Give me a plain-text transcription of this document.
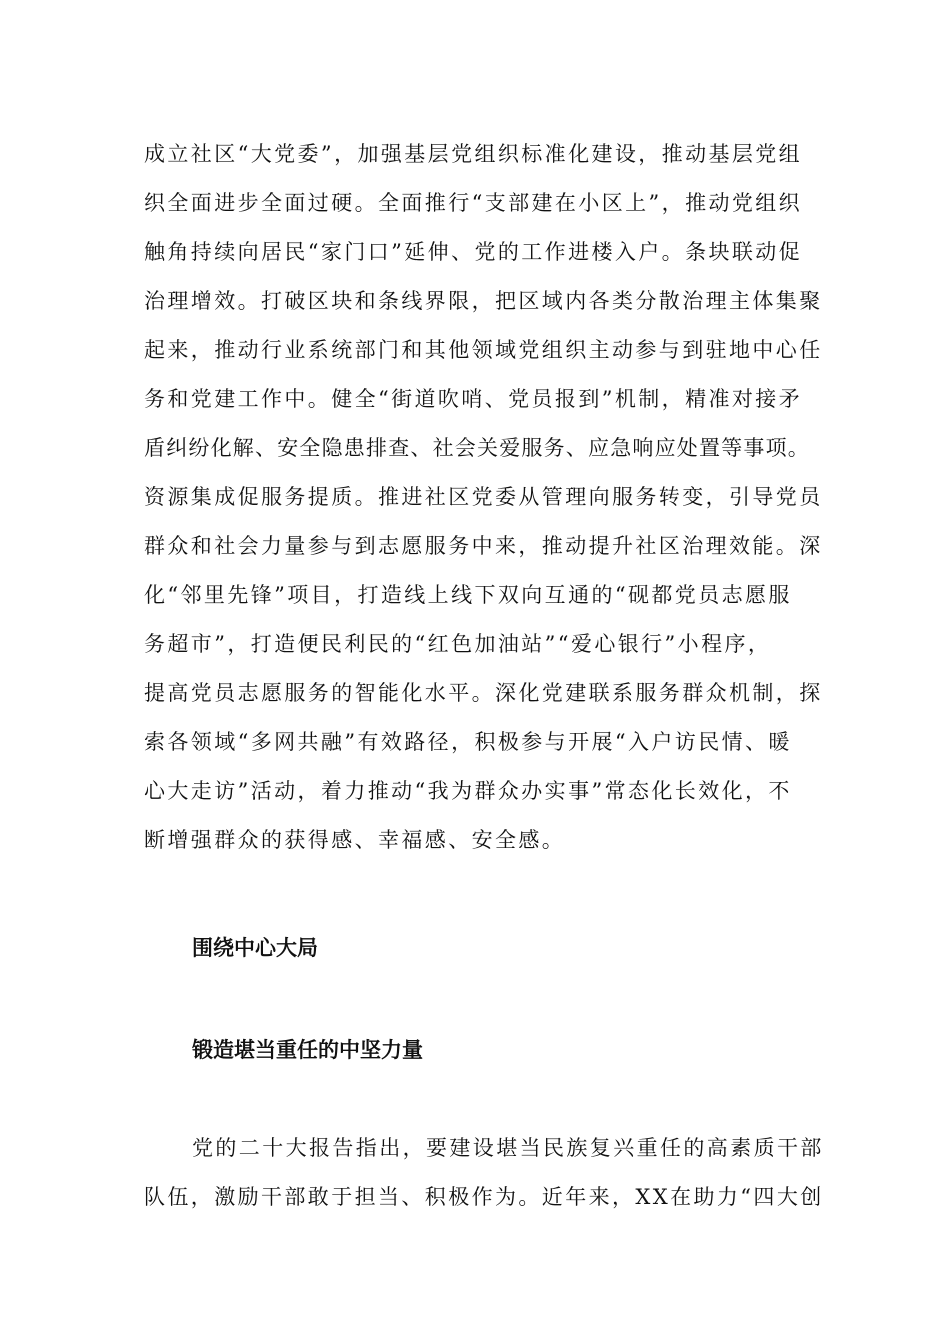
成立社区“大党委”，加强基层党组织标准化建设，推动基层党组
织全面进步全面过硬。全面推行“支部建在小区上”，推动党组织
触角持续向居民“家门口”延伸、党的工作进楼入户。条块联动促
治理增效。打破区块和条线界限，把区域内各类分散治理主体集聚
起来，推动行业系统部门和其他领域党组织主动参与到驻地中心任
务和党建工作中。健全“街道吹哨、党员报到”机制，精准对接矛
盾纠纷化解、安全隐患排查、社会关爱服务、应急响应处置等事项。
资源集成促服务提质。推进社区党委从管理向服务转变，引导党员
群众和社会力量参与到志愿服务中来，推动提升社区治理效能。深
化“邻里先锋”项目，打造线上线下双向互通的“砚都党员志愿服
务超市”，打造便民利民的“红色加油站”“爱心银行”小程序，
提高党员志愿服务的智能化水平。深化党建联系服务群众机制，探
索各领域“多网共融”有效路径，积极参与开展“入户访民情、暖
心大走访”活动，着力推动“我为群众办实事”常态化长效化，不
断增强群众的获得感、幸福感、安全感。
围绕中心大局
锻造堪当重任的中坚力量
党的二十大报告指出，要建设堪当民族复兴重任的高素质干部
队伍，激励干部敢于担当、积极作为。近年来，XX在助力“四大创
